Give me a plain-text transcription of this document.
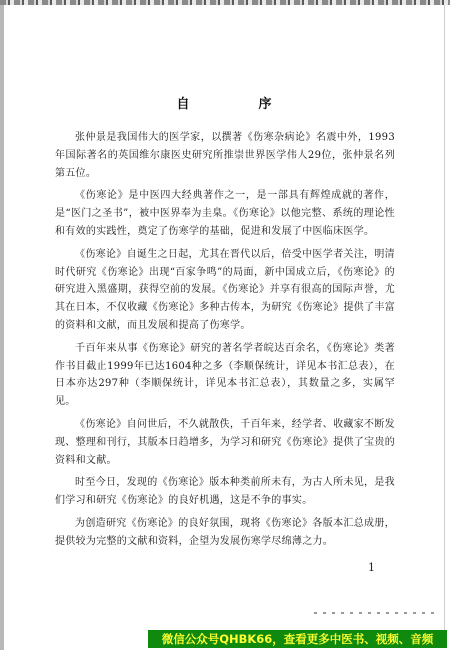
自　序

张仲景是我国伟大的医学家，以撰著《伤寒杂病论》名震中外，1993年国际著名的英国维尔康医史研究所推崇世界医学伟人29位，张仲景名列第五位。

《伤寒论》是中医四大经典著作之一，是一部具有辉煌成就的著作，是“医门之圣书”，被中医界奉为圭臬。《伤寒论》以他完整、系统的理论性和有效的实践性，奠定了伤寒学的基础，促进和发展了中医临床医学。

《伤寒论》自诞生之日起，尤其在晋代以后，倍受中医学者关注，明清时代研究《伤寒论》出现“百家争鸣”的局面，新中国成立后，《伤寒论》的研究进入黑盛期，获得空前的发展。《伤寒论》并享有很高的国际声誉，尤其在日本，不仅收藏《伤寒论》多种古传本，为研究《伤寒论》提供了丰富的资料和文献，而且发展和提高了伤寒学。

千百年来从事《伤寒论》研究的著名学者皖达百余名，《伤寒论》类著作书目截止1999年已达1604种之多（李顺保统计，详见本书汇总表），在日本亦达297种（李顺保统计，详见本书汇总表），其数量之多，实属罕见。

《伤寒论》自问世后，不久就散佚，千百年来，经学者、收藏家不断发现、整理和刊行，其版本日趋增多，为学习和研究《伤寒论》提供了宝贵的资料和文献。

时至今日，发现的《伤寒论》版本种类前所未有，为古人所未见，是我们学习和研究《伤寒论》的良好机遇，这是不争的事实。

为创造研究《伤寒论》的良好氛围，现将《伤寒论》各版本汇总成册，提供较为完整的文献和资料，企望为发展伤寒学尽绵薄之力。

1
微信公众号QHBK66，查看更多中医书、视频、音频
